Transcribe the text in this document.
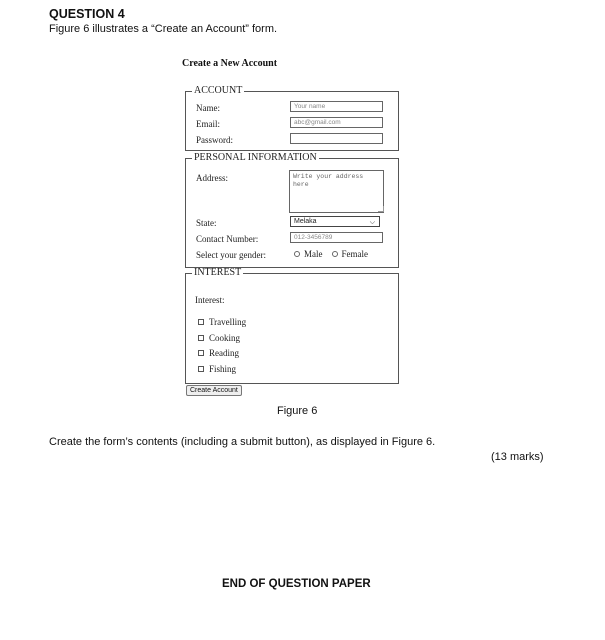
QUESTION 4
Figure 6 illustrates a “Create an Account” form.
Create a New Account
ACCOUNT
Name:	Your name
Email:	abc@gmail.com
Password:
PERSONAL INFORMATION
Address:	Write your address here
State:	Melaka	⌵
Contact Number:	012-3456789
Select your gender:	Male Female
INTEREST
Interest:
Travelling
Cooking
Reading
Fishing
Create Account
Figure 6
Create the form’s contents (including a submit button), as displayed in Figure 6.
(13 marks)
END OF QUESTION PAPER
